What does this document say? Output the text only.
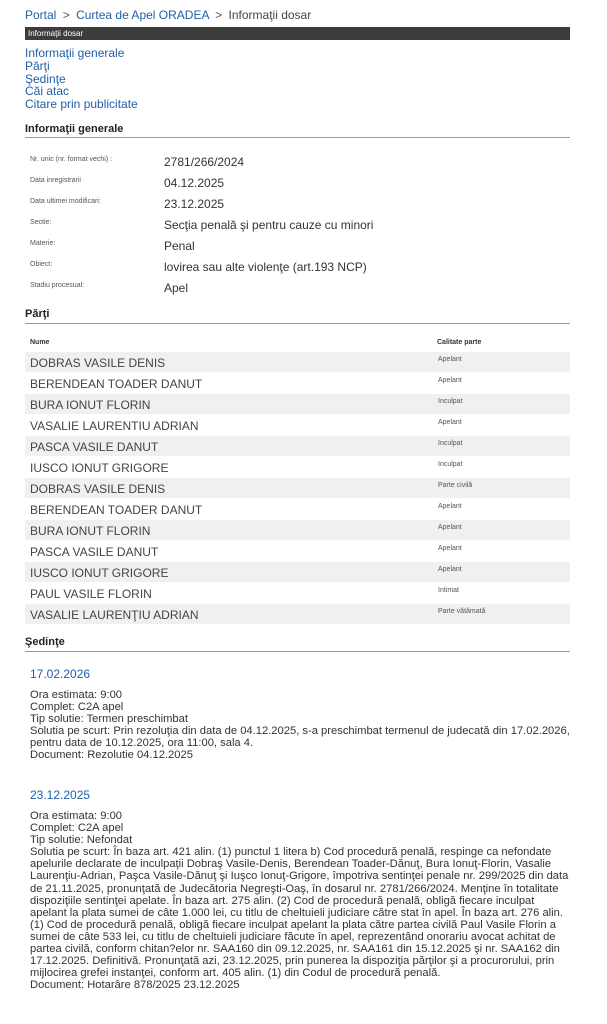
Portal > Curtea de Apel ORADEA > Informaţii dosar
Informaţii dosar
Informaţii generale
Părţi
Şedinţe
Căi atac
Citare prin publicitate
Informaţii generale
Nr. unic (nr. format vechi) :	2781/266/2024
Data inregistrarii	04.12.2025
Data ultimei modificari:	23.12.2025
Sectie:	Secţia penală şi pentru cauze cu minori
Materie:	Penal
Obiect:	lovirea sau alte violenţe (art.193 NCP)
Stadiu procesual:	Apel
Părţi
Nume	Calitate parte
DOBRAS VASILE DENIS	Apelant
BERENDEAN TOADER DANUT	Apelant
BURA IONUT FLORIN	Inculpat
VASALIE LAURENTIU ADRIAN	Apelant
PASCA VASILE DANUT	Inculpat
IUSCO IONUT GRIGORE	Inculpat
DOBRAS VASILE DENIS	Parte civilă
BERENDEAN TOADER DANUT	Apelant
BURA IONUT FLORIN	Apelant
PASCA VASILE DANUT	Apelant
IUSCO IONUT GRIGORE	Apelant
PAUL VASILE FLORIN	Intimat
VASALIE LAURENŢIU ADRIAN	Parte vătămată
Şedinţe
17.02.2026
Ora estimata: 9:00
Complet: C2A apel
Tip solutie: Termen preschimbat
Solutia pe scurt: Prin rezoluţia din data de 04.12.2025, s-a preschimbat termenul de judecată din 17.02.2026, pentru data de 10.12.2025, ora 11:00, sala 4.
Document: Rezolutie 04.12.2025
23.12.2025
Ora estimata: 9:00
Complet: C2A apel
Tip solutie: Nefondat
Solutia pe scurt: În baza art. 421 alin. (1) punctul 1 litera b) Cod procedură penală, respinge ca nefondate apelurile declarate de inculpaţii Dobraş Vasile-Denis, Berendean Toader-Dănuţ, Bura Ionuţ-Florin, Vasalie Laurenţiu-Adrian, Paşca Vasile-Dănuţ şi Iuşco Ionuţ-Grigore, împotriva sentinţei penale nr. 299/2025 din data de 21.11.2025, pronunţată de Judecătoria Negreşti-Oaş, în dosarul nr. 2781/266/2024. Menţine în totalitate dispoziţiile sentinţei apelate. În baza art. 275 alin. (2) Cod de procedură penală, obligă fiecare inculpat apelant la plata sumei de câte 1.000 lei, cu titlu de cheltuieli judiciare către stat în apel. În baza art. 276 alin. (1) Cod de procedură penală, obligă fiecare inculpat apelant la plata către partea civilă Paul Vasile Florin a sumei de câte 533 lei, cu titlu de cheltuieli judiciare făcute în apel, reprezentând onorariu avocat achitat de partea civilă, conform chitan?elor nr. SAA160 din 09.12.2025, nr. SAA161 din 15.12.2025 şi nr. SAA162 din 17.12.2025. Definitivă. Pronunţată azi, 23.12.2025, prin punerea la dispoziţia părţilor şi a procurorului, prin mijlocirea grefei instanţei, conform art. 405 alin. (1) din Codul de procedură penală.
Document: Hotarâre 878/2025 23.12.2025
